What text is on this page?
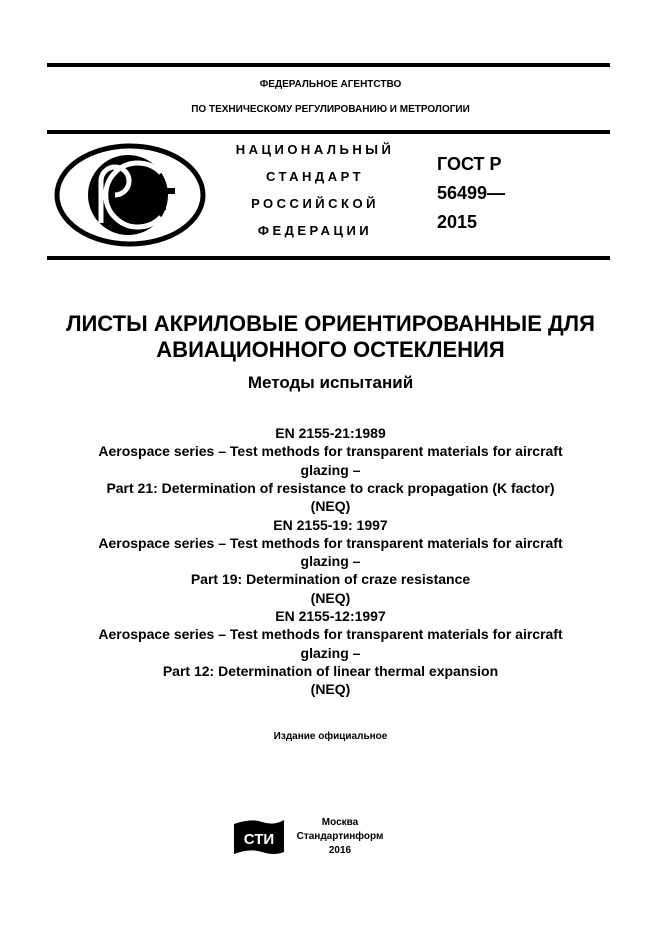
ФЕДЕРАЛЬНОЕ АГЕНТСТВО
ПО ТЕХНИЧЕСКОМУ РЕГУЛИРОВАНИЮ И МЕТРОЛОГИИ
НАЦИОНАЛЬНЫЙ
СТАНДАРТ
РОССИЙСКОЙ
ФЕДЕРАЦИИ
ГОСТ Р
56499—
2015
ЛИСТЫ АКРИЛОВЫЕ ОРИЕНТИРОВАННЫЕ ДЛЯ
АВИАЦИОННОГО ОСТЕКЛЕНИЯ
Методы испытаний
EN 2155-21:1989
Aerospace series – Test methods for transparent materials for aircraft
glazing –
Part 21: Determination of resistance to crack propagation (K factor)
(NEQ)
EN 2155-19: 1997
Aerospace series – Test methods for transparent materials for aircraft
glazing –
Part 19: Determination of craze resistance
(NEQ)
EN 2155-12:1997
Aerospace series – Test methods for transparent materials for aircraft
glazing –
Part 12: Determination of linear thermal expansion
(NEQ)
Издание официальное
СТИ
Москва
Стандартинформ
2016
